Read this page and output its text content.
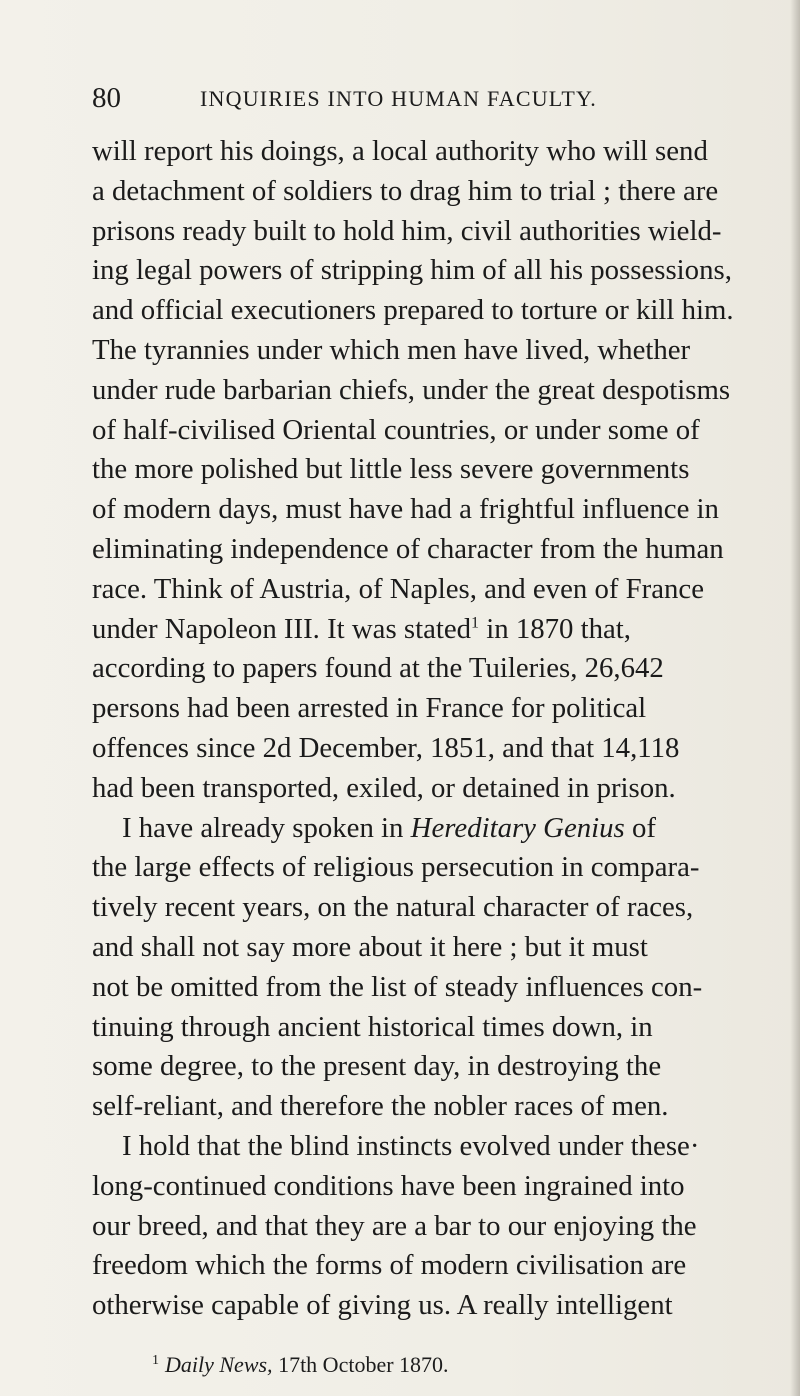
80	INQUIRIES INTO HUMAN FACULTY.
will report his doings, a local authority who will send
a detachment of soldiers to drag him to trial ; there are
prisons ready built to hold him, civil authorities wield-
ing legal powers of stripping him of all his possessions,
and official executioners prepared to torture or kill him.
The tyrannies under which men have lived, whether
under rude barbarian chiefs, under the great despotisms
of half-civilised Oriental countries, or under some of
the more polished but little less severe governments
of modern days, must have had a frightful influence in
eliminating independence of character from the human
race. Think of Austria, of Naples, and even of France
under Napoleon III. It was stated$^1$ in 1870 that,
according to papers found at the Tuileries, 26,642
persons had been arrested in France for political
offences since 2d December, 1851, and that 14,118
had been transported, exiled, or detained in prison.
I have already spoken in Hereditary Genius of
the large effects of religious persecution in compara-
tively recent years, on the natural character of races,
and shall not say more about it here ; but it must
not be omitted from the list of steady influences con-
tinuing through ancient historical times down, in
some degree, to the present day, in destroying the
self-reliant, and therefore the nobler races of men.
I hold that the blind instincts evolved under these·
long-continued conditions have been ingrained into
our breed, and that they are a bar to our enjoying the
freedom which the forms of modern civilisation are
otherwise capable of giving us. A really intelligent
$^1$ Daily News, 17th October 1870.
